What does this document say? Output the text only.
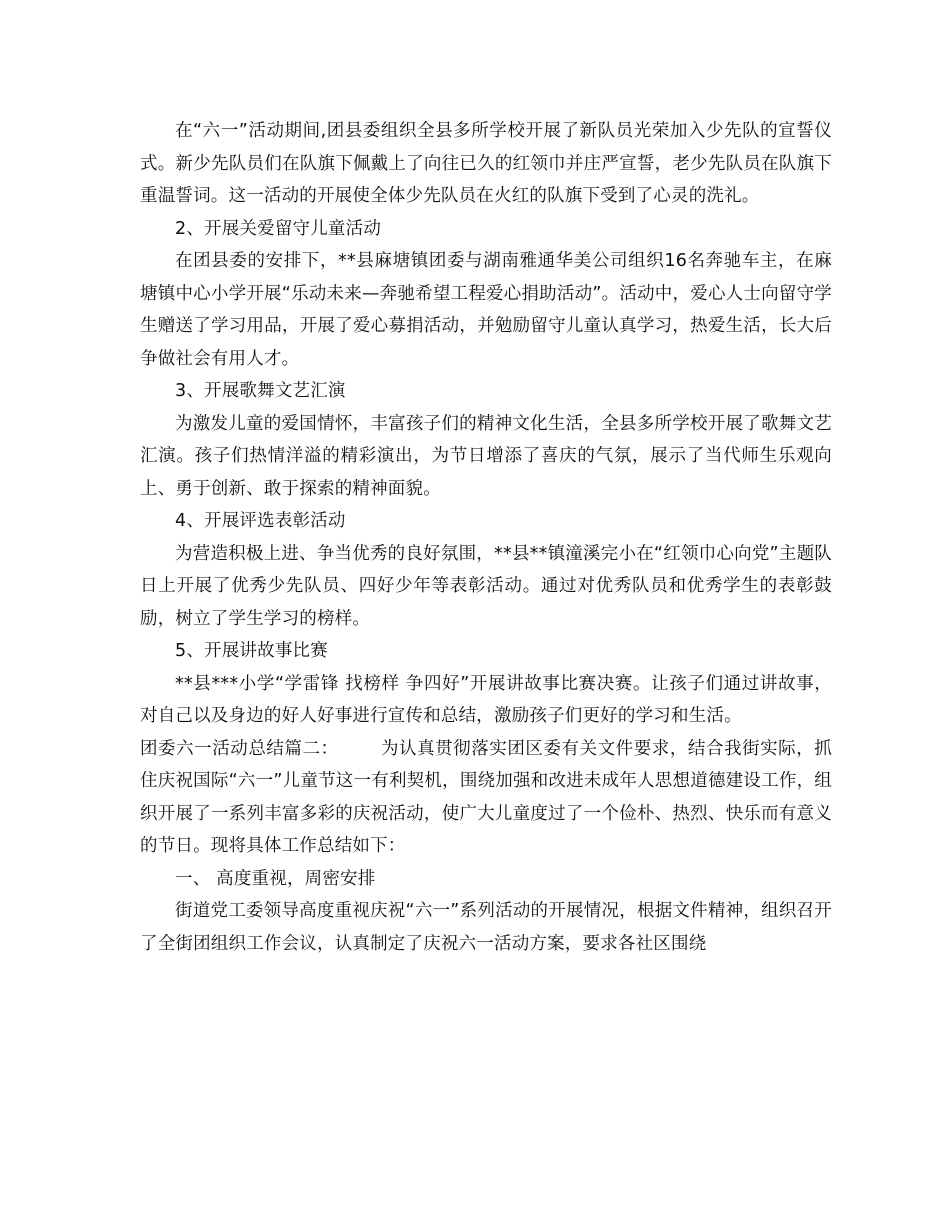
在“六一”活动期间,团县委组织全县多所学校开展了新队员光荣加入少先队的宣誓仪式。新少先队员们在队旗下佩戴上了向往已久的红领巾并庄严宣誓，老少先队员在队旗下重温誓词。这一活动的开展使全体少先队员在火红的队旗下受到了心灵的洗礼。

2、开展关爱留守儿童活动

在团县委的安排下，**县麻塘镇团委与湖南雅通华美公司组织16名奔驰车主，在麻塘镇中心小学开展“乐动未来—奔驰希望工程爱心捐助活动”。活动中，爱心人士向留守学生赠送了学习用品，开展了爱心募捐活动，并勉励留守儿童认真学习，热爱生活，长大后争做社会有用人才。

3、开展歌舞文艺汇演

为激发儿童的爱国情怀，丰富孩子们的精神文化生活，全县多所学校开展了歌舞文艺汇演。孩子们热情洋溢的精彩演出，为节日增添了喜庆的气氛，展示了当代师生乐观向上、勇于创新、敢于探索的精神面貌。

4、开展评选表彰活动

为营造积极上进、争当优秀的良好氛围，**县**镇潼溪完小在“红领巾心向党”主题队日上开展了优秀少先队员、四好少年等表彰活动。通过对优秀队员和优秀学生的表彰鼓励，树立了学生学习的榜样。

5、开展讲故事比赛

**县***小学“学雷锋 找榜样 争四好”开展讲故事比赛决赛。让孩子们通过讲故事，对自己以及身边的好人好事进行宣传和总结，激励孩子们更好的学习和生活。

团委六一活动总结篇二： 为认真贯彻落实团区委有关文件要求，结合我街实际，抓住庆祝国际“六一”儿童节这一有利契机，围绕加强和改进未成年人思想道德建设工作，组织开展了一系列丰富多彩的庆祝活动，使广大儿童度过了一个俭朴、热烈、快乐而有意义的节日。现将具体工作总结如下：

一、 高度重视，周密安排

街道党工委领导高度重视庆祝“六一”系列活动的开展情况，根据文件精神，组织召开了全街团组织工作会议，认真制定了庆祝六一活动方案，要求各社区围绕
